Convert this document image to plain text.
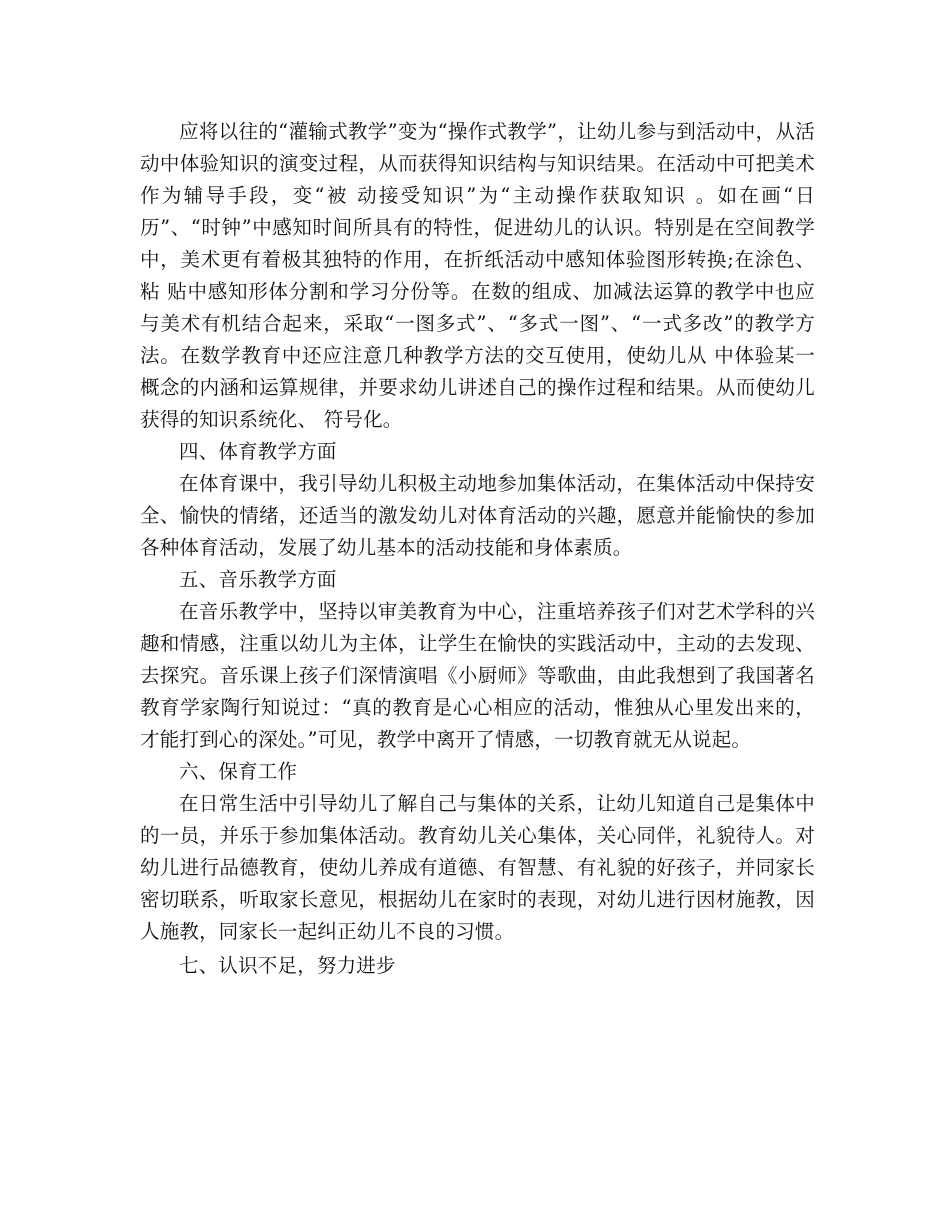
应将以往的“灌输式教学”变为“操作式教学”，让幼儿参与到活动中，从活动中体验知识的演变过程，从而获得知识结构与知识结果。在活动中可把美术作为辅导手段，变“被 动接受知识”为“主动操作获取知识 。如在画“日历”、“时钟”中感知时间所具有的特性，促进幼儿的认识。特别是在空间教学中，美术更有着极其独特的作用，在折纸活动中感知体验图形转换;在涂色、粘 贴中感知形体分割和学习分份等。在数的组成、加减法运算的教学中也应与美术有机结合起来，采取“一图多式”、“多式一图”、“一式多改”的教学方法。在数学教育中还应注意几种教学方法的交互使用，使幼儿从 中体验某一概念的内涵和运算规律，并要求幼儿讲述自己的操作过程和结果。从而使幼儿获得的知识系统化、 符号化。

四、体育教学方面

在体育课中，我引导幼儿积极主动地参加集体活动，在集体活动中保持安全、愉快的情绪，还适当的激发幼儿对体育活动的兴趣，愿意并能愉快的参加各种体育活动，发展了幼儿基本的活动技能和身体素质。

五、音乐教学方面

在音乐教学中，坚持以审美教育为中心，注重培养孩子们对艺术学科的兴趣和情感，注重以幼儿为主体，让学生在愉快的实践活动中，主动的去发现、去探究。音乐课上孩子们深情演唱《小厨师》等歌曲，由此我想到了我国著名教育学家陶行知说过：“真的教育是心心相应的活动，惟独从心里发出来的，才能打到心的深处。”可见，教学中离开了情感，一切教育就无从说起。

六、保育工作

在日常生活中引导幼儿了解自己与集体的关系，让幼儿知道自己是集体中的一员，并乐于参加集体活动。教育幼儿关心集体，关心同伴，礼貌待人。对幼儿进行品德教育，使幼儿养成有道德、有智慧、有礼貌的好孩子，并同家长密切联系，听取家长意见，根据幼儿在家时的表现，对幼儿进行因材施教，因人施教，同家长一起纠正幼儿不良的习惯。

七、认识不足，努力进步
